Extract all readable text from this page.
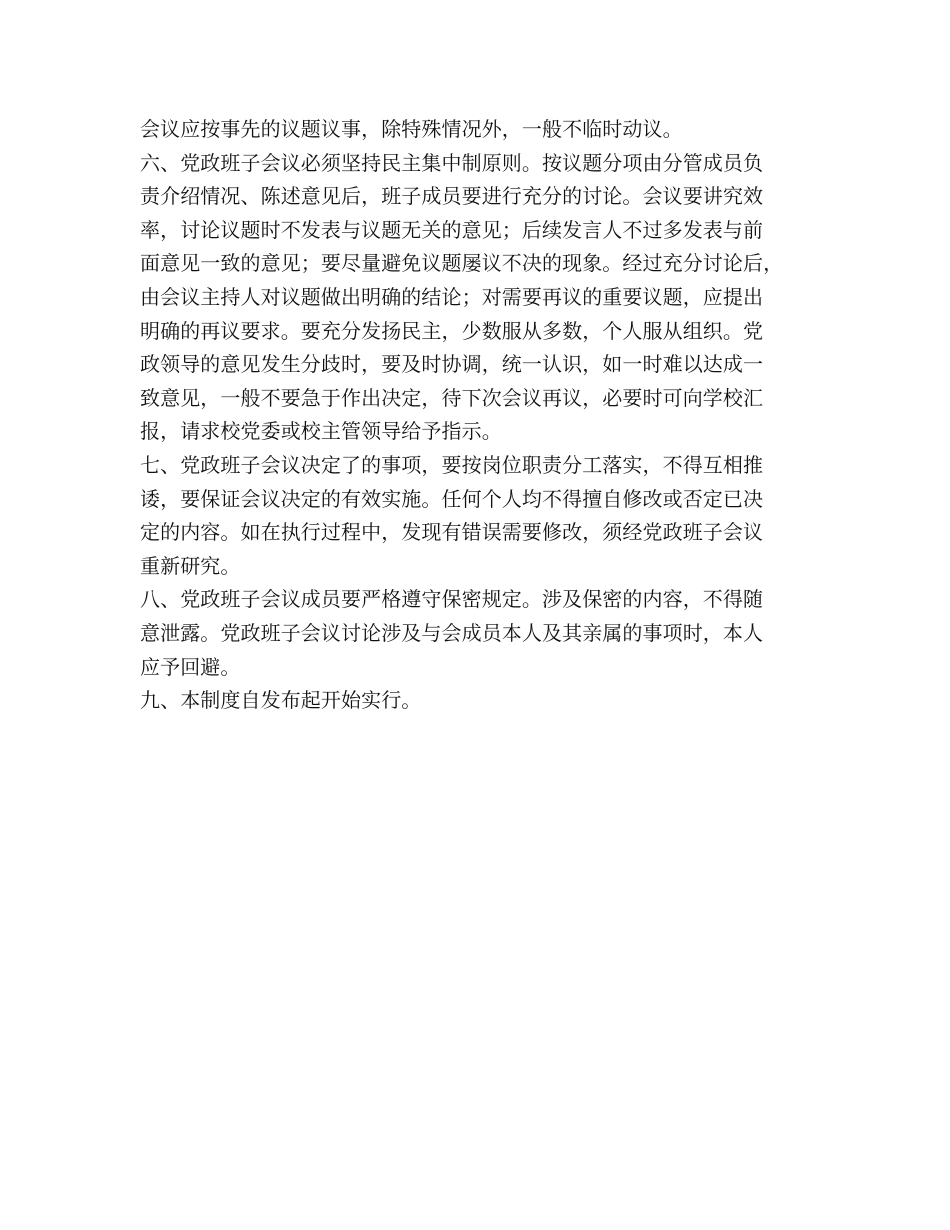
会议应按事先的议题议事，除特殊情况外，一般不临时动议。
六、党政班子会议必须坚持民主集中制原则。按议题分项由分管成员负
责介绍情况、陈述意见后，班子成员要进行充分的讨论。会议要讲究效
率，讨论议题时不发表与议题无关的意见；后续发言人不过多发表与前
面意见一致的意见；要尽量避免议题屡议不决的现象。经过充分讨论后，
由会议主持人对议题做出明确的结论；对需要再议的重要议题，应提出
明确的再议要求。要充分发扬民主，少数服从多数，个人服从组织。党
政领导的意见发生分歧时，要及时协调，统一认识，如一时难以达成一
致意见，一般不要急于作出决定，待下次会议再议，必要时可向学校汇
报，请求校党委或校主管领导给予指示。
七、党政班子会议决定了的事项，要按岗位职责分工落实，不得互相推
诿，要保证会议决定的有效实施。任何个人均不得擅自修改或否定已决
定的内容。如在执行过程中，发现有错误需要修改，须经党政班子会议
重新研究。
八、党政班子会议成员要严格遵守保密规定。涉及保密的内容，不得随
意泄露。党政班子会议讨论涉及与会成员本人及其亲属的事项时，本人
应予回避。
九、本制度自发布起开始实行。
